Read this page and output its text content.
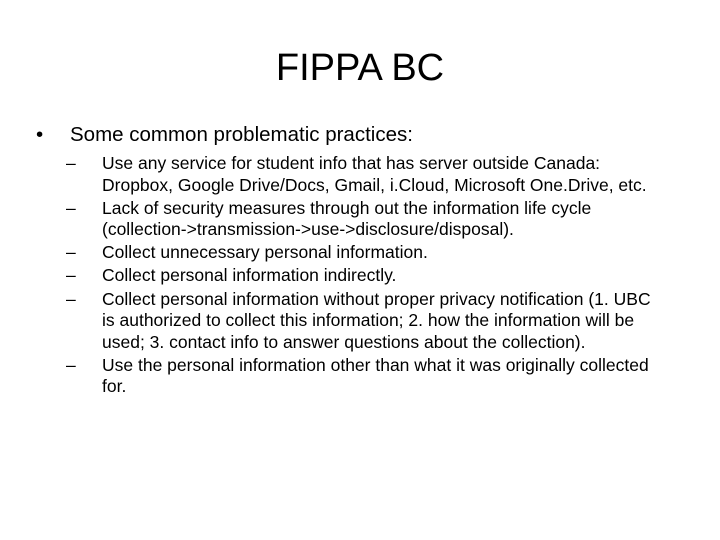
FIPPA BC
•	Some common problematic practices:
–	Use any service for student info that has server outside Canada: Dropbox, Google Drive/Docs, Gmail, i.Cloud, Microsoft One.Drive, etc.
–	Lack of security measures through out the information life cycle (collection->transmission->use->disclosure/disposal).
–	Collect unnecessary personal information.
–	Collect personal information indirectly.
–	Collect personal information without proper privacy notification (1. UBC is authorized to collect this information; 2. how the information will be used; 3. contact info to answer questions about the collection).
–	Use the personal information other than what it was originally collected for.
